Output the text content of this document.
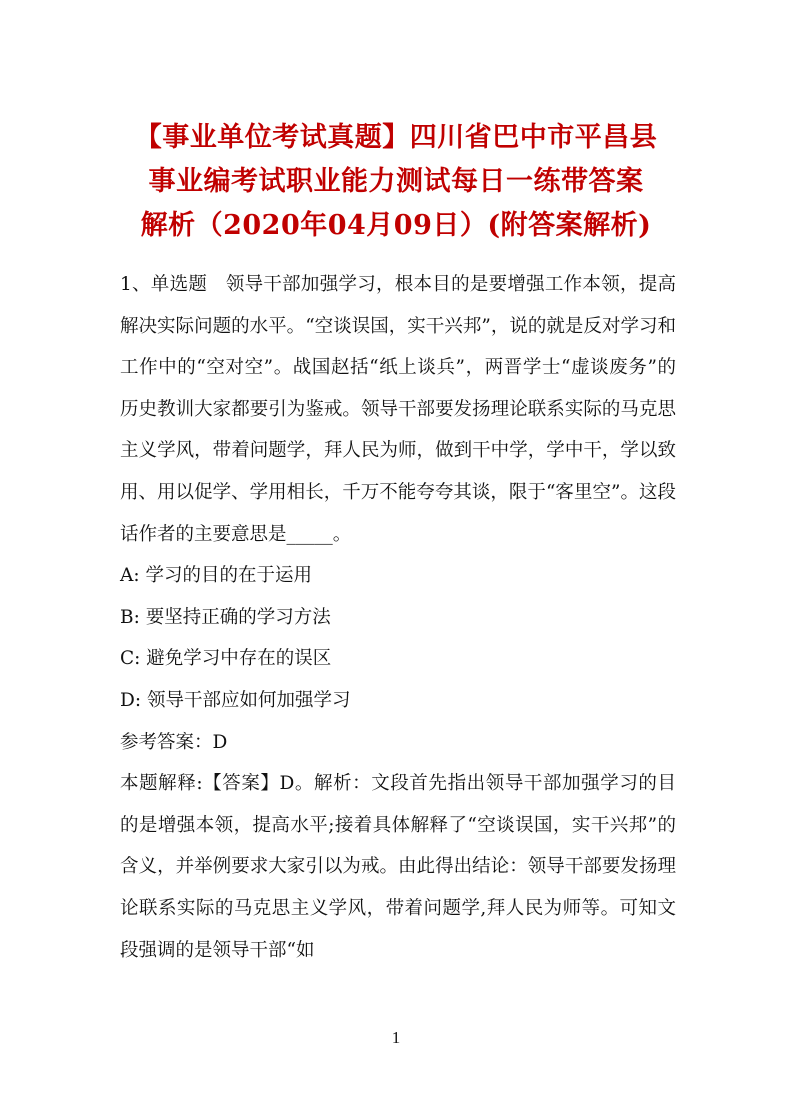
【事业单位考试真题】四川省巴中市平昌县
事业编考试职业能力测试每日一练带答案
解析（2020年04月09日）(附答案解析)

1、单选题　领导干部加强学习，根本目的是要增强工作本领，提高解决实际问题的水平。“空谈误国，实干兴邦”，说的就是反对学习和工作中的“空对空”。战国赵括“纸上谈兵”，两晋学士“虚谈废务”的历史教训大家都要引为鉴戒。领导干部要发扬理论联系实际的马克思主义学风，带着问题学，拜人民为师，做到干中学，学中干，学以致用、用以促学、学用相长，千万不能夸夸其谈，限于“客里空”。这段话作者的主要意思是_____。

A: 学习的目的在于运用

B: 要坚持正确的学习方法

C: 避免学习中存在的误区

D: 领导干部应如何加强学习

参考答案：D

本题解释:【答案】D。解析：文段首先指出领导干部加强学习的目的是增强本领，提高水平;接着具体解释了“空谈误国，实干兴邦”的含义，并举例要求大家引以为戒。由此得出结论：领导干部要发扬理论联系实际的马克思主义学风，带着问题学,拜人民为师等。可知文段强调的是领导干部“如

1
